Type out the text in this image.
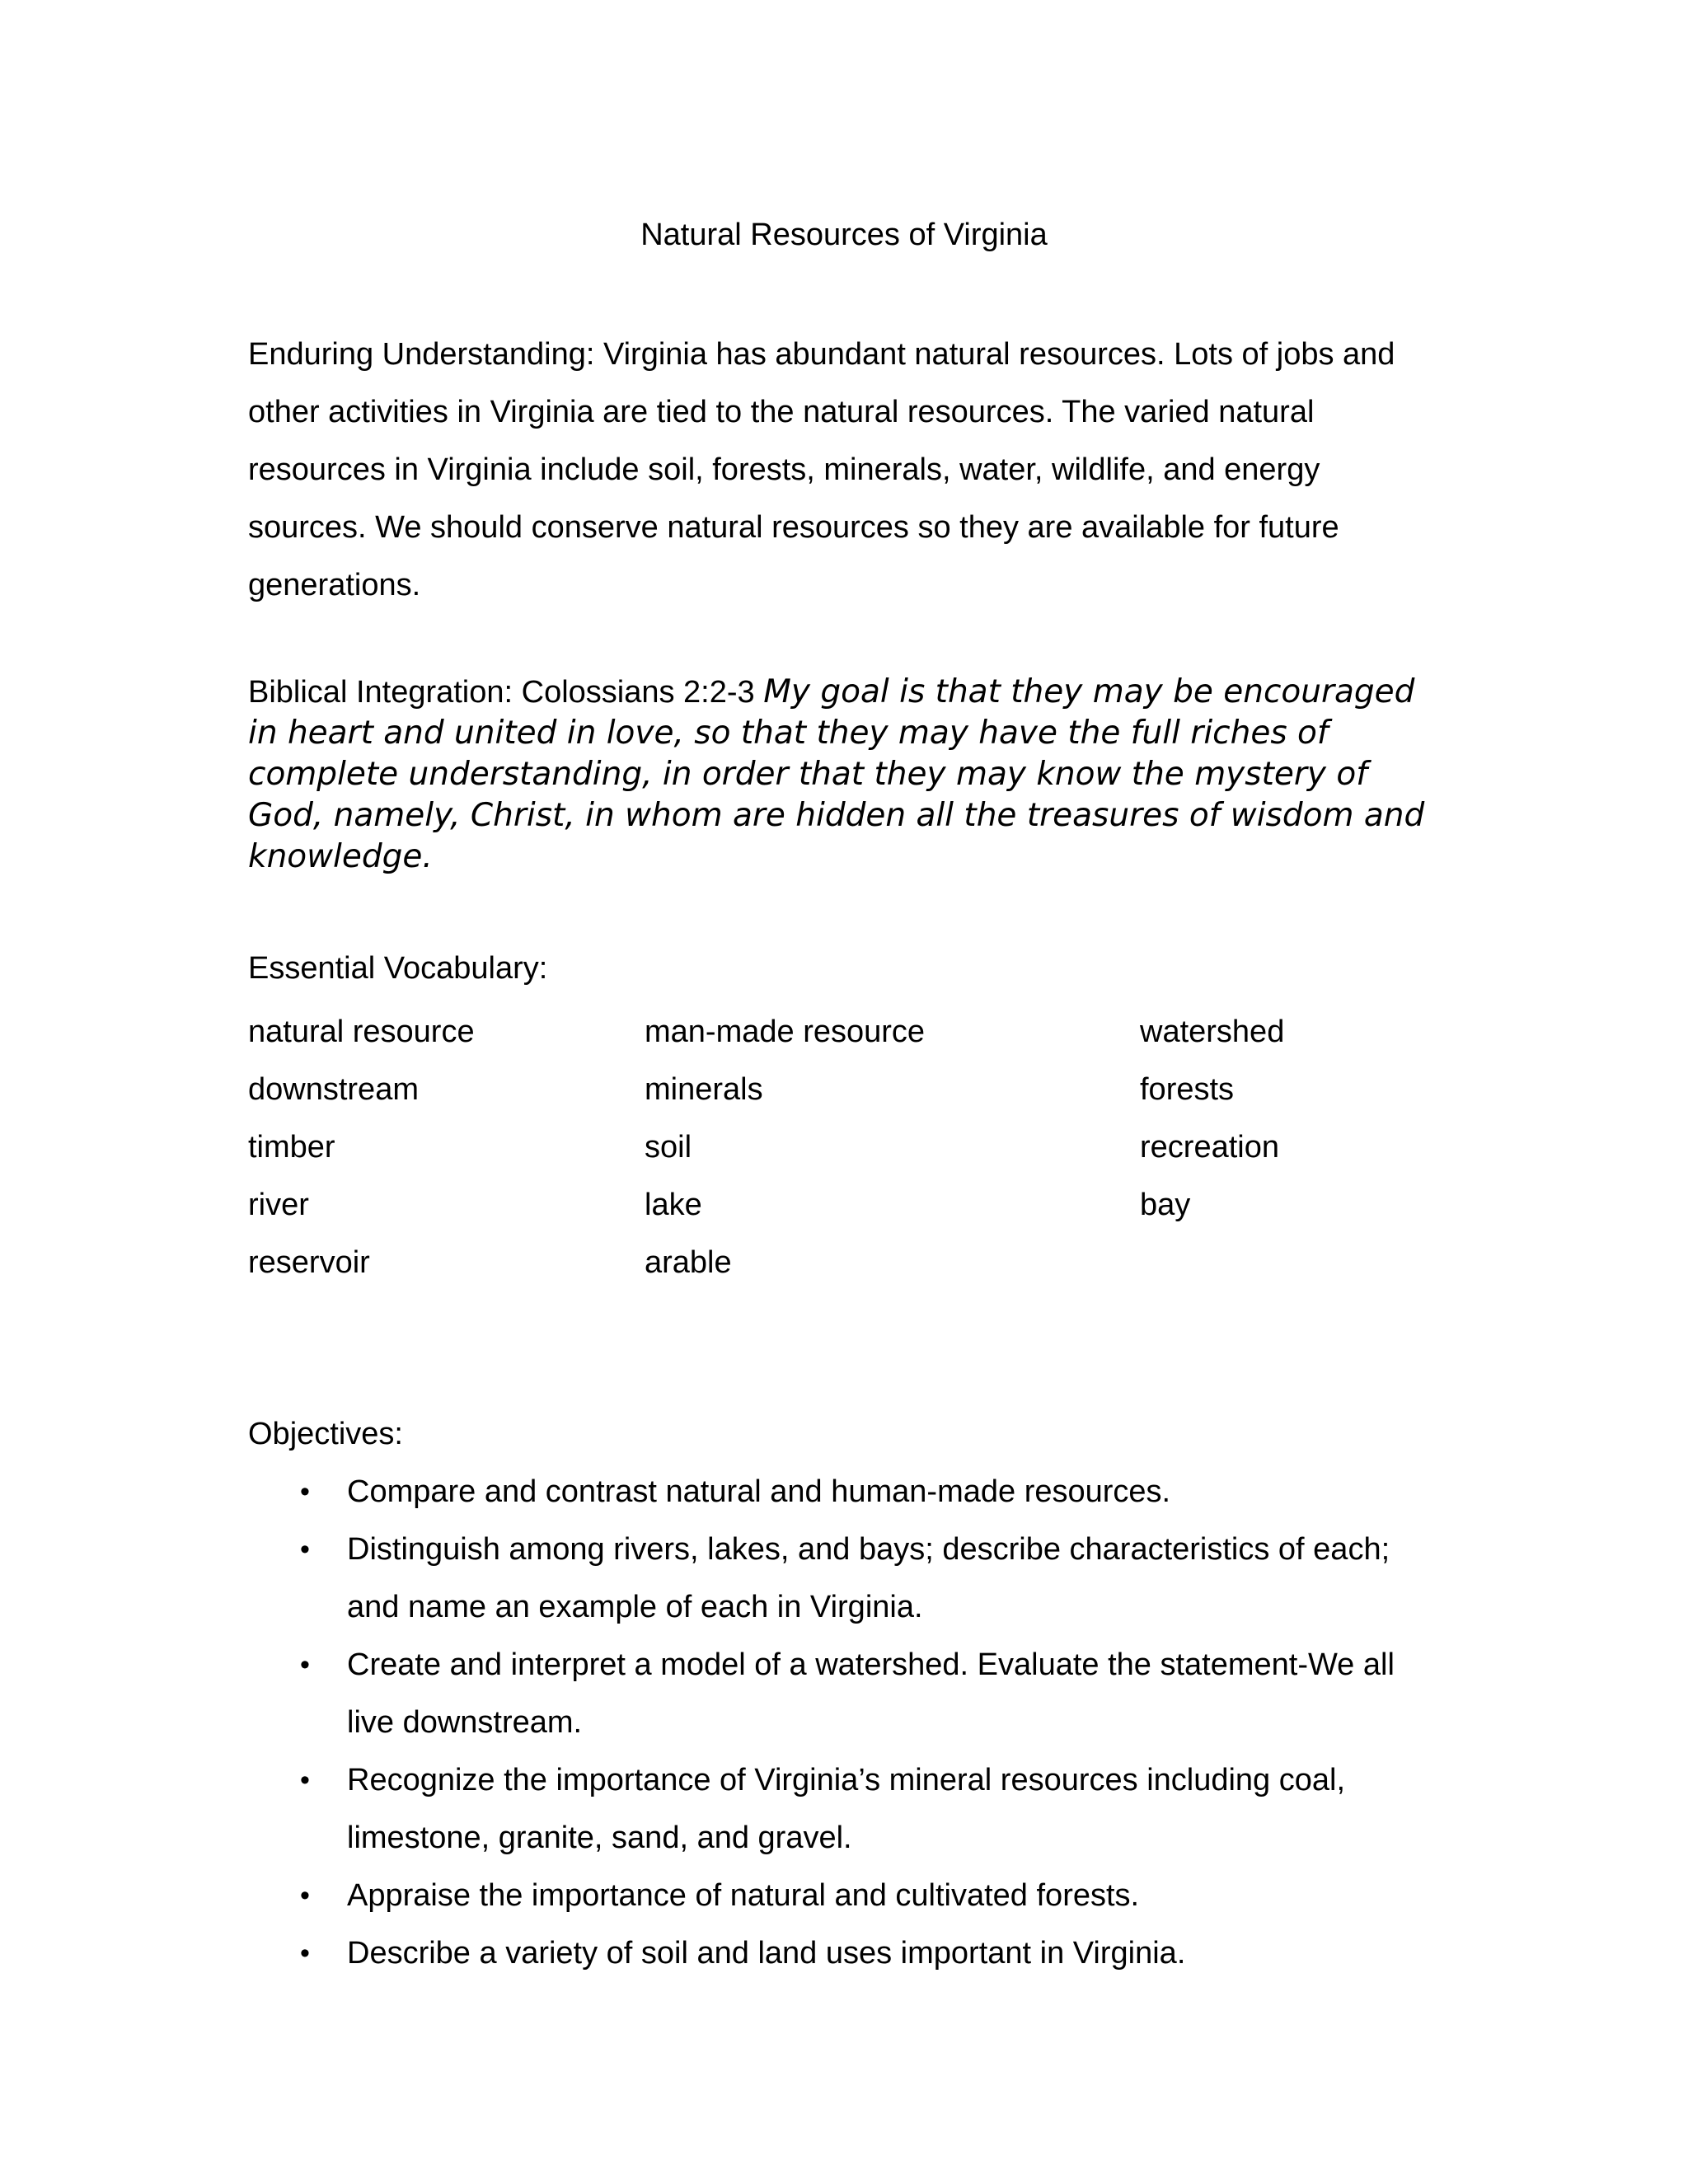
Natural Resources of Virginia

Enduring Understanding: Virginia has abundant natural resources. Lots of jobs and other activities in Virginia are tied to the natural resources. The varied natural resources in Virginia include soil, forests, minerals, water, wildlife, and energy sources. We should conserve natural resources so they are available for future generations.

Biblical Integration: Colossians 2:2-3 My goal is that they may be encouraged in heart and united in love, so that they may have the full riches of complete understanding, in order that they may know the mystery of God, namely, Christ, in whom are hidden all the treasures of wisdom and knowledge.

Essential Vocabulary:

natural resource	man-made resource	watershed
downstream	minerals	forests
timber	soil	recreation
river	lake	bay
reservoir	arable	

Objectives:

• Compare and contrast natural and human-made resources.
• Distinguish among rivers, lakes, and bays; describe characteristics of each; and name an example of each in Virginia.
• Create and interpret a model of a watershed. Evaluate the statement-We all live downstream.
• Recognize the importance of Virginia’s mineral resources including coal, limestone, granite, sand, and gravel.
• Appraise the importance of natural and cultivated forests.
• Describe a variety of soil and land uses important in Virginia.
